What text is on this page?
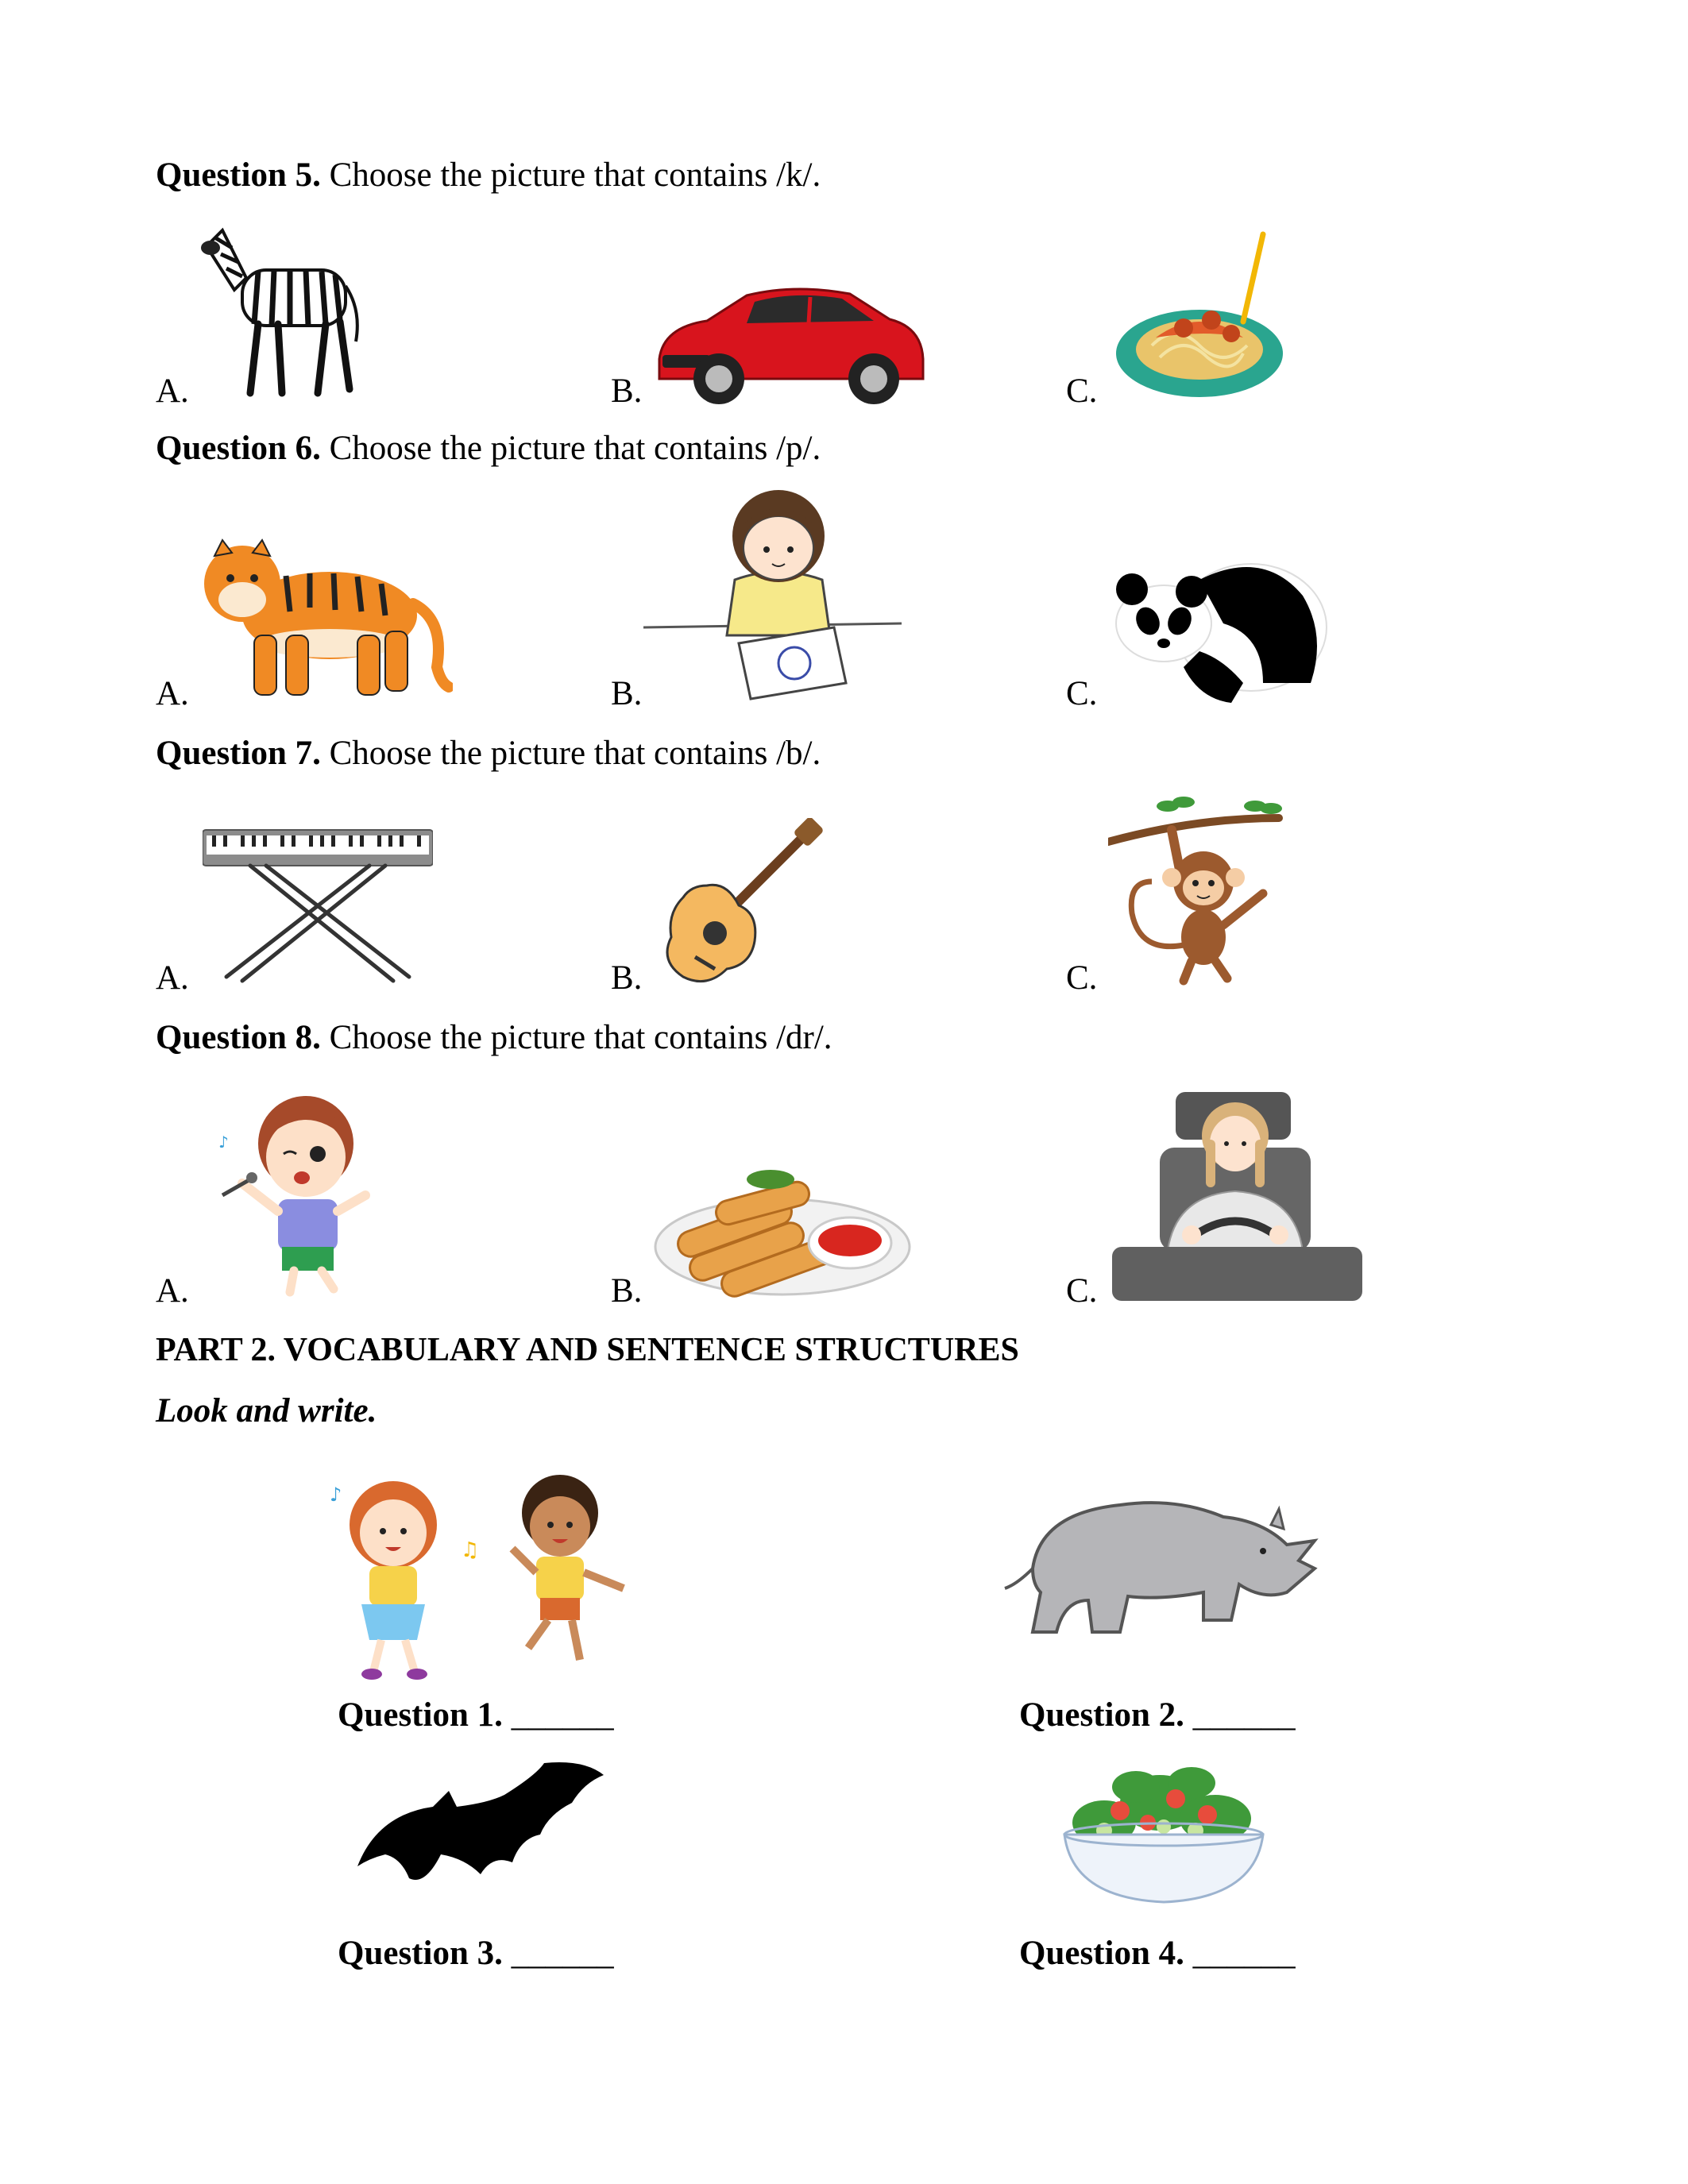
Question 5. Choose the picture that contains /k/.
A.	B.	C.
Question 6. Choose the picture that contains /p/.
A.	B.	C.
Question 7. Choose the picture that contains /b/.
A.	B.	C.
Question 8. Choose the picture that contains /dr/.
A.	B.	C.
♪
PART 2. VOCABULARY AND SENTENCE STRUCTURES
Look and write.
♫
♪
Question 1. ______	Question 2. ______
Question 3. ______	Question 4. ______
